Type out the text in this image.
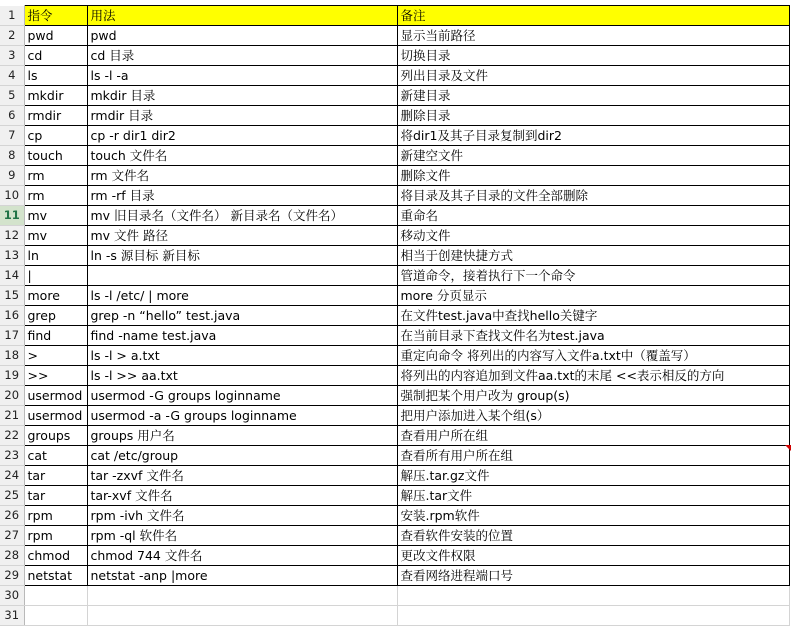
1	指令	用法	备注
2	pwd	pwd	显示当前路径
3	cd	cd 目录	切换目录
4	ls	ls -l -a	列出目录及文件
5	mkdir	mkdir 目录	新建目录
6	rmdir	rmdir 目录	删除目录
7	cp	cp -r dir1 dir2	将dir1及其子目录复制到dir2
8	touch	touch 文件名	新建空文件
9	rm	rm 文件名	删除文件
10	rm	rm -rf 目录	将目录及其子目录的文件全部删除
11	mv	mv 旧目录名（文件名） 新目录名（文件名）	重命名
12	mv	mv 文件 路径	移动文件
13	ln	ln -s 源目标 新目标	相当于创建快捷方式
14	|		管道命令，接着执行下一个命令
15	more	ls -l /etc/ | more	more 分页显示
16	grep	grep -n “hello” test.java	在文件test.java中查找hello关键字
17	find	find -name test.java	在当前目录下查找文件名为test.java
18	>	ls -l > a.txt	重定向命令 将列出的内容写入文件a.txt中（覆盖写）
19	>>	ls -l >> aa.txt	将列出的内容追加到文件aa.txt的末尾 <<表示相反的方向
20	usermod	usermod -G groups loginname	强制把某个用户改为 group(s)
21	usermod	usermod -a -G groups loginname	把用户添加进入某个组(s）
22	groups	groups 用户名	查看用户所在组
23	cat	cat /etc/group	查看所有用户所在组
24	tar	tar -zxvf 文件名	解压.tar.gz文件
25	tar	tar-xvf 文件名	解压.tar文件
26	rpm	rpm -ivh 文件名	安装.rpm软件
27	rpm	rpm -ql 软件名	查看软件安装的位置
28	chmod	chmod 744 文件名	更改文件权限
29	netstat	netstat -anp |more	查看网络进程端口号
30			
31			
